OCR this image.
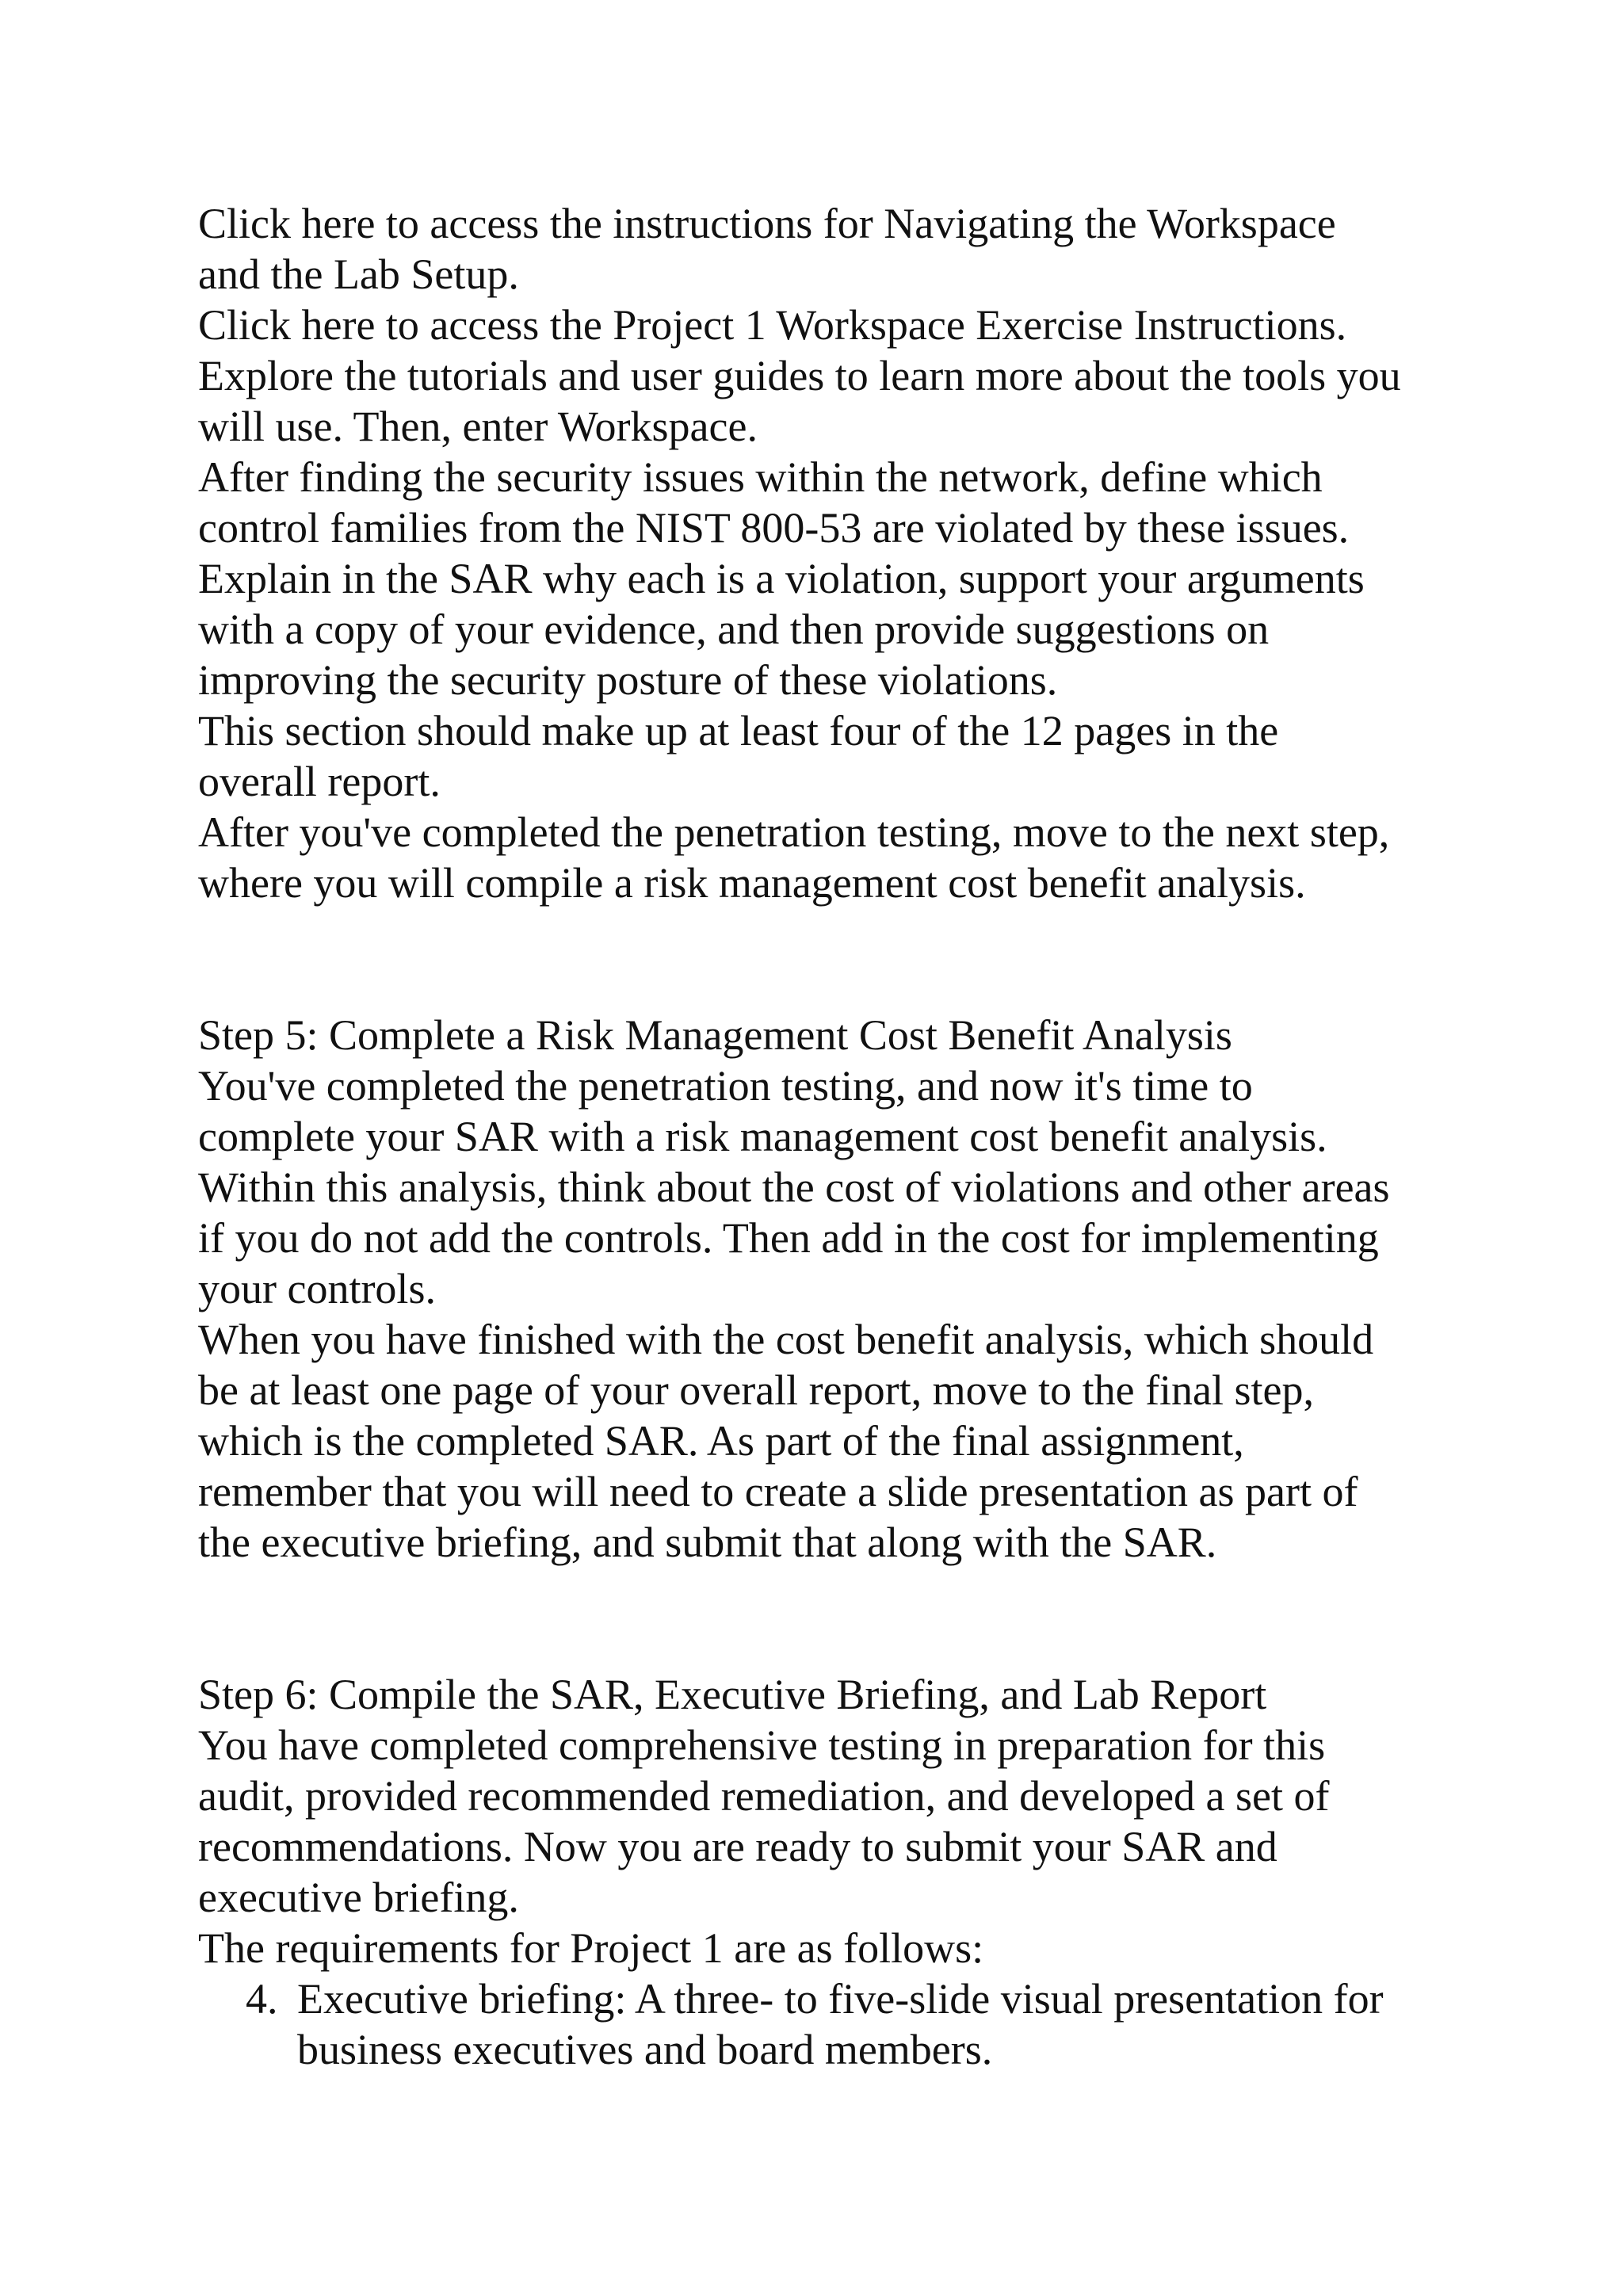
Click here to access the instructions for Navigating the Workspace
and the Lab Setup.
Click here to access the Project 1 Workspace Exercise Instructions.
Explore the tutorials and user guides to learn more about the tools you
will use. Then, enter Workspace.
After finding the security issues within the network, define which
control families from the NIST 800-53 are violated by these issues.
Explain in the SAR why each is a violation, support your arguments
with a copy of your evidence, and then provide suggestions on
improving the security posture of these violations.
This section should make up at least four of the 12 pages in the
overall report.
After you've completed the penetration testing, move to the next step,
where you will compile a risk management cost benefit analysis.
Step 5: Complete a Risk Management Cost Benefit Analysis
You've completed the penetration testing, and now it's time to
complete your SAR with a risk management cost benefit analysis.
Within this analysis, think about the cost of violations and other areas
if you do not add the controls. Then add in the cost for implementing
your controls.
When you have finished with the cost benefit analysis, which should
be at least one page of your overall report, move to the final step,
which is the completed SAR. As part of the final assignment,
remember that you will need to create a slide presentation as part of
the executive briefing, and submit that along with the SAR.
Step 6: Compile the SAR, Executive Briefing, and Lab Report
You have completed comprehensive testing in preparation for this
audit, provided recommended remediation, and developed a set of
recommendations. Now you are ready to submit your SAR and
executive briefing.
The requirements for Project 1 are as follows:
4. Executive briefing: A three- to five-slide visual presentation for
business executives and board members.
